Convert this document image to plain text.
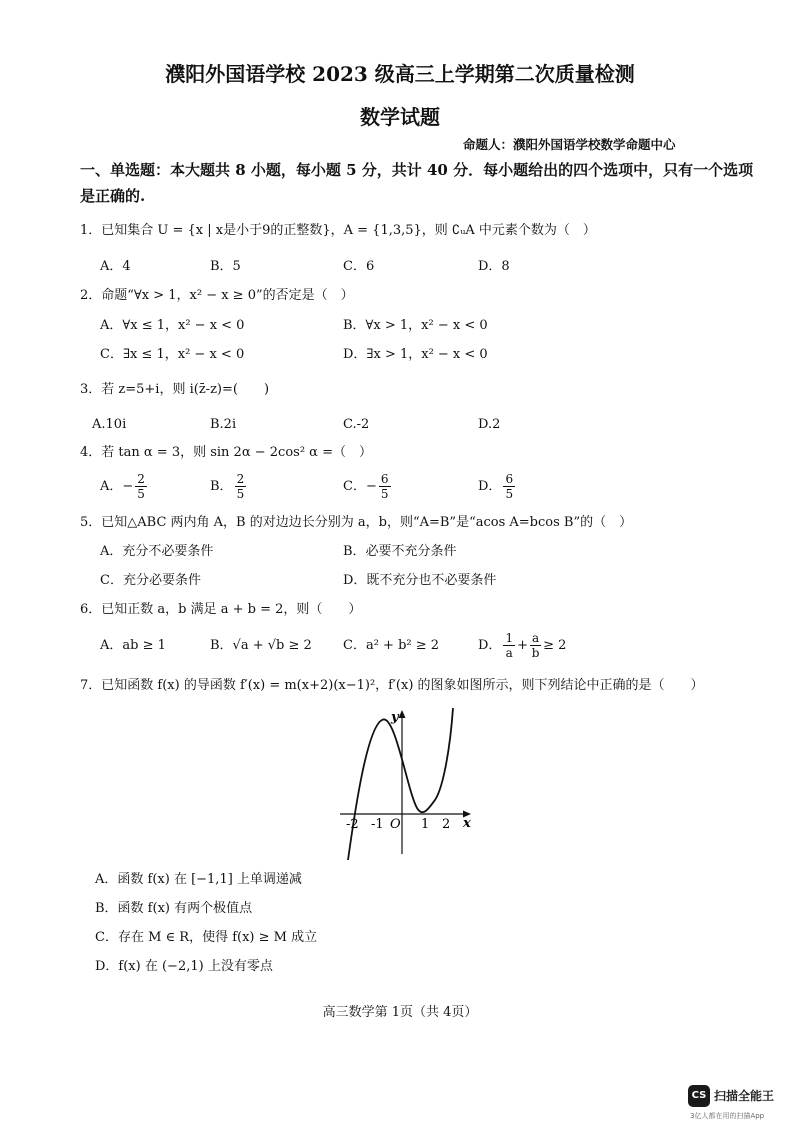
濮阳外国语学校 2023 级高三上学期第二次质量检测
数学试题
命题人：濮阳外国语学校数学命题中心
一、单选题：本大题共 8 小题，每小题 5 分，共计 40 分．每小题给出的四个选项中，只有一个选项
是正确的.
1．已知集合 U = {x | x是小于9的正整数}，A = {1,3,5}，则 ∁ᵤA 中元素个数为（　）
A．4	B．5	C．6	D．8
2．命题“∀x > 1，x² − x ≥ 0”的否定是（　）
A．∀x ≤ 1，x² − x < 0	B．∀x > 1，x² − x < 0
C．∃x ≤ 1，x² − x < 0	D．∃x > 1，x² − x < 0
3．若 z=5+i，则 i(z̄-z)=(　　)
A.10i	B.2i	C.-2	D.2
4．若 tan α = 3，则 sin 2α − 2cos² α =（　）
A．− $\frac{2}{5}$	B． $\frac{2}{5}$	C．− $\frac{6}{5}$	D． $\frac{6}{5}$
5．已知△ABC 两内角 A，B 的对边边长分别为 a，b，则“A=B”是“acos A=bcos B”的（　）
A．充分不必要条件	B．必要不充分条件
C．充分必要条件	D．既不充分也不必要条件
6．已知正数 a，b 满足 a + b = 2，则（　　）
A．ab ≥ 1	B．√a + √b ≥ 2 C．a² + b² ≥ 2	D． $\frac{1}{a} + \frac{a}{b} \ge 2$
7．已知函数 f(x) 的导函数 f′(x) = m(x+2)(x−1)²，f′(x) 的图象如图所示，则下列结论中正确的是（　　）
y
x
O
-2 -1	1 2
A．函数 f(x) 在 [−1,1] 上单调递减
B．函数 f(x) 有两个极值点
C．存在 M ∈ R，使得 f(x) ≥ M 成立
D．f(x) 在 (−2,1) 上没有零点
高三数学第 1页（共 4页）
CS 扫描全能王
3亿人都在用的扫描App
